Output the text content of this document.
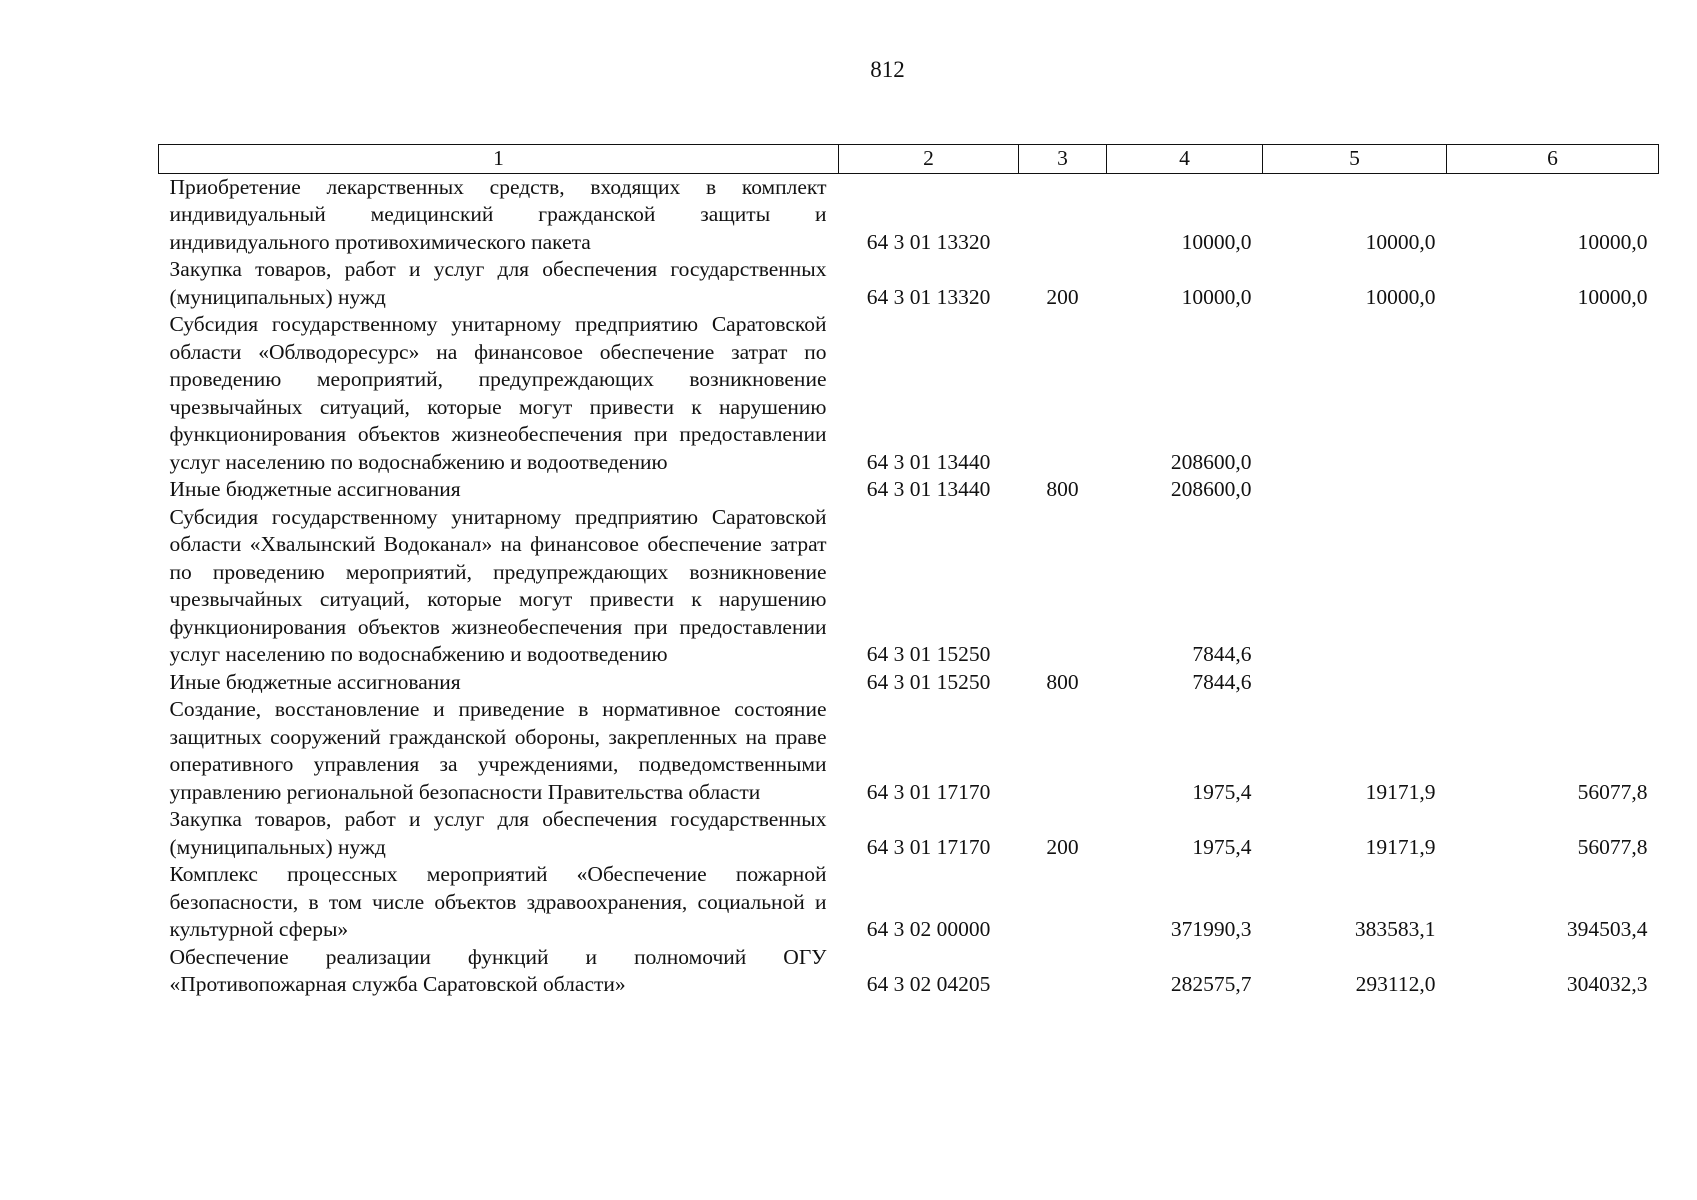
812
1	2	3	4	5	6
Приобретение лекарственных средств, входящих в комплект индивидуальный медицинский гражданской защиты и индивидуального противохимического пакета	64 3 01 13320		10000,0	10000,0	10000,0
Закупка товаров, работ и услуг для обеспечения государственных (муниципальных) нужд	64 3 01 13320	200	10000,0	10000,0	10000,0
Субсидия государственному унитарному предприятию Саратовской области «Облводоресурс» на финансовое обеспечение затрат по проведению мероприятий, предупреждающих возникновение чрезвычайных ситуаций, которые могут привести к нарушению функционирования объектов жизнеобеспечения при предоставлении услуг населению по водоснабжению и водоотведению	64 3 01 13440		208600,0		
Иные бюджетные ассигнования	64 3 01 13440	800	208600,0		
Субсидия государственному унитарному предприятию Саратовской области «Хвалынский Водоканал» на финансовое обеспечение затрат по проведению мероприятий, предупреждающих возникновение чрезвычайных ситуаций, которые могут привести к нарушению функционирования объектов жизнеобеспечения при предоставлении услуг населению по водоснабжению и водоотведению	64 3 01 15250		7844,6		
Иные бюджетные ассигнования	64 3 01 15250	800	7844,6		
Создание, восстановление и приведение в нормативное состояние защитных сооружений гражданской обороны, закрепленных на праве оперативного управления за учреждениями, подведомственными управлению региональной безопасности Правительства области	64 3 01 17170		1975,4	19171,9	56077,8
Закупка товаров, работ и услуг для обеспечения государственных (муниципальных) нужд	64 3 01 17170	200	1975,4	19171,9	56077,8
Комплекс процессных мероприятий «Обеспечение пожарной безопасности, в том числе объектов здравоохранения, социальной и культурной сферы»	64 3 02 00000		371990,3	383583,1	394503,4
Обеспечение реализации функций и полномочий ОГУ «Противопожарная служба Саратовской области»	64 3 02 04205		282575,7	293112,0	304032,3
